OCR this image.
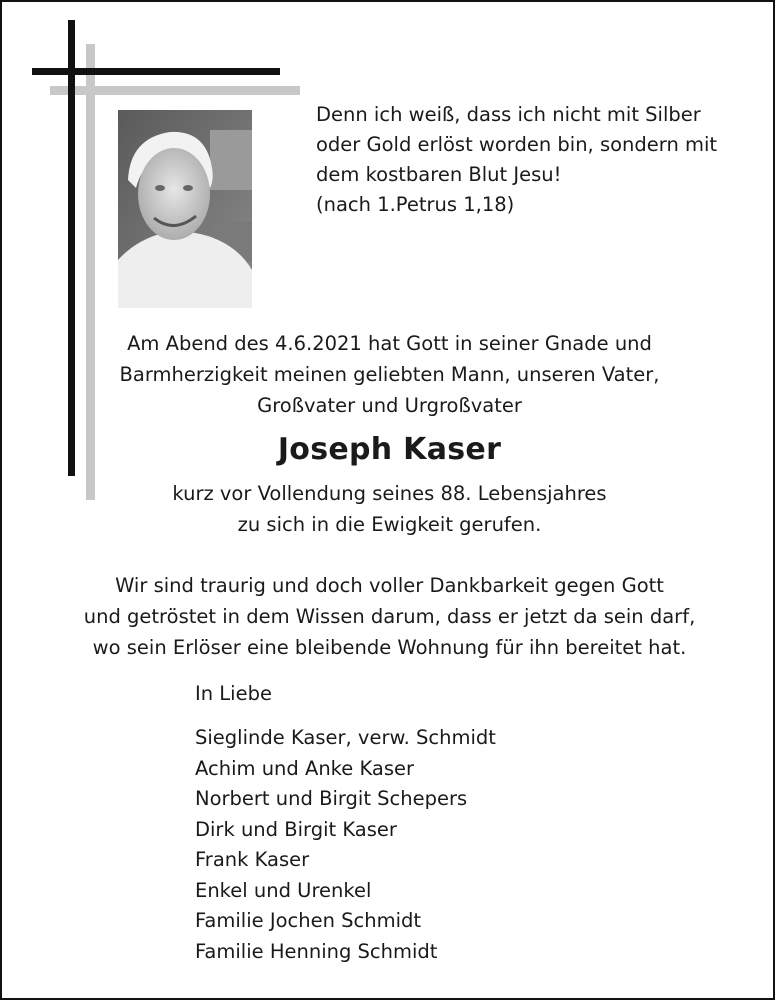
Denn ich weiß, dass ich nicht mit Silber
oder Gold erlöst worden bin, sondern mit
dem kostbaren Blut Jesu!
(nach 1.Petrus 1,18)
Am Abend des 4.6.2021 hat Gott in seiner Gnade und
Barmherzigkeit meinen geliebten Mann, unseren Vater,
Großvater und Urgroßvater
Joseph Kaser
kurz vor Vollendung seines 88. Lebensjahres
zu sich in die Ewigkeit gerufen.
Wir sind traurig und doch voller Dankbarkeit gegen Gott
und getröstet in dem Wissen darum, dass er jetzt da sein darf,
wo sein Erlöser eine bleibende Wohnung für ihn bereitet hat.
In Liebe
Sieglinde Kaser, verw. Schmidt
Achim und Anke Kaser
Norbert und Birgit Schepers
Dirk und Birgit Kaser
Frank Kaser
Enkel und Urenkel
Familie Jochen Schmidt
Familie Henning Schmidt
